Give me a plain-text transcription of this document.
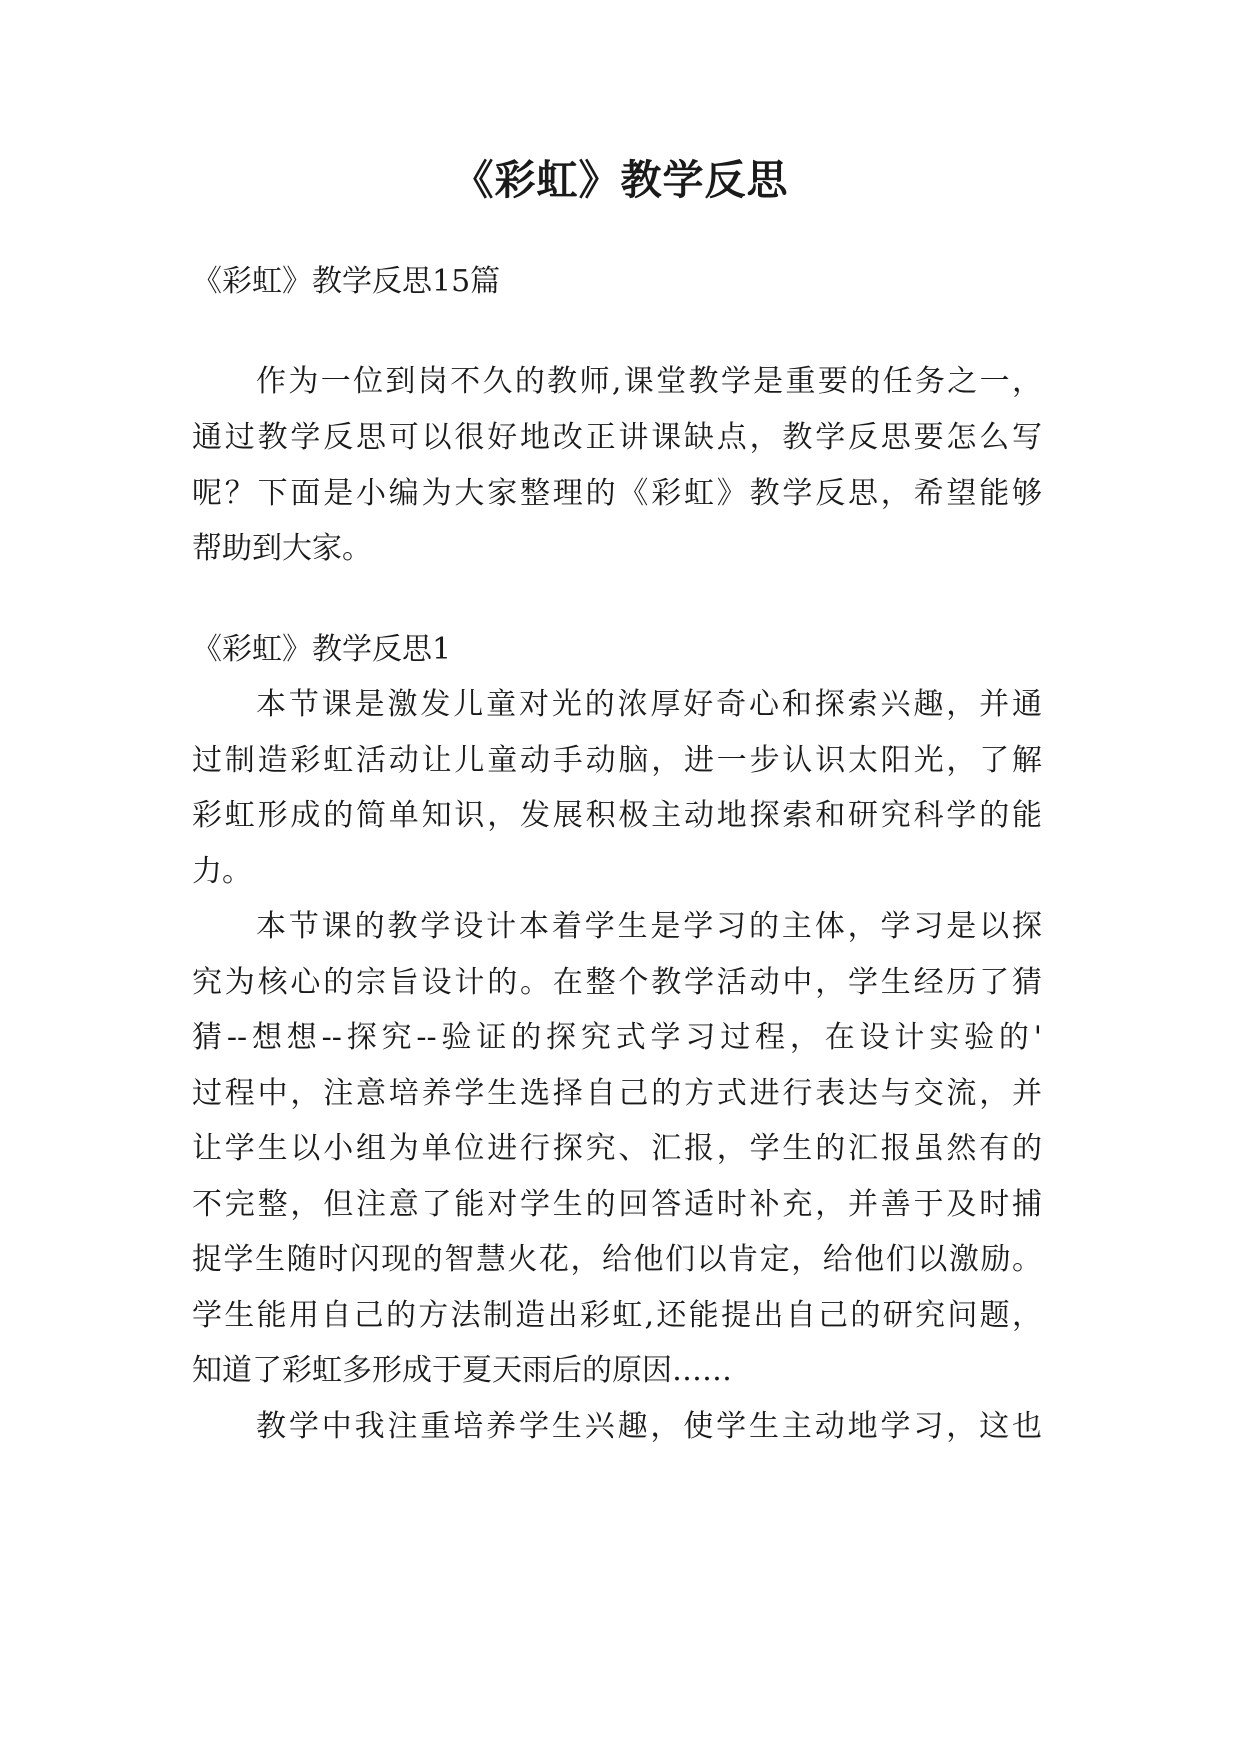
《彩虹》教学反思

《彩虹》教学反思15篇

作为一位到岗不久的教师,课堂教学是重要的任务之一，

通过教学反思可以很好地改正讲课缺点，教学反思要怎么写

呢？下面是小编为大家整理的《彩虹》教学反思，希望能够

帮助到大家。

《彩虹》教学反思1

本节课是激发儿童对光的浓厚好奇心和探索兴趣，并通

过制造彩虹活动让儿童动手动脑，进一步认识太阳光，了解

彩虹形成的简单知识，发展积极主动地探索和研究科学的能

力。

本节课的教学设计本着学生是学习的主体，学习是以探

究为核心的宗旨设计的。在整个教学活动中，学生经历了猜

猜--想想--探究--验证的探究式学习过程，在设计实验的'

过程中，注意培养学生选择自己的方式进行表达与交流，并

让学生以小组为单位进行探究、汇报，学生的汇报虽然有的

不完整，但注意了能对学生的回答适时补充，并善于及时捕

捉学生随时闪现的智慧火花，给他们以肯定，给他们以激励。

学生能用自己的方法制造出彩虹,还能提出自己的研究问题，

知道了彩虹多形成于夏天雨后的原因……

教学中我注重培养学生兴趣，使学生主动地学习，这也
